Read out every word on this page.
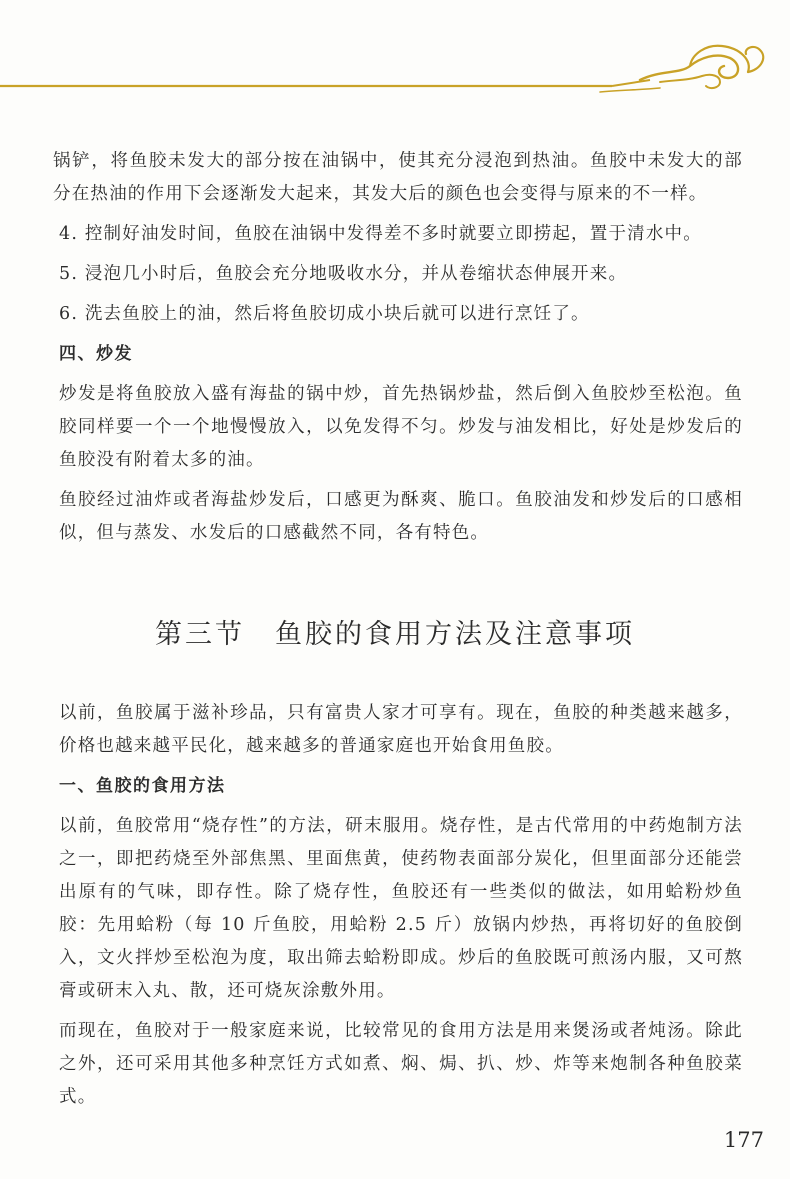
锅铲，将鱼胶未发大的部分按在油锅中，使其充分浸泡到热油。鱼胶中未发大的部分在热油的作用下会逐渐发大起来，其发大后的颜色也会变得与原来的不一样。

4. 控制好油发时间，鱼胶在油锅中发得差不多时就要立即捞起，置于清水中。

5. 浸泡几小时后，鱼胶会充分地吸收水分，并从卷缩状态伸展开来。

6. 洗去鱼胶上的油，然后将鱼胶切成小块后就可以进行烹饪了。

四、炒发

炒发是将鱼胶放入盛有海盐的锅中炒，首先热锅炒盐，然后倒入鱼胶炒至松泡。鱼胶同样要一个一个地慢慢放入，以免发得不匀。炒发与油发相比，好处是炒发后的鱼胶没有附着太多的油。

鱼胶经过油炸或者海盐炒发后，口感更为酥爽、脆口。鱼胶油发和炒发后的口感相似，但与蒸发、水发后的口感截然不同，各有特色。

第三节　鱼胶的食用方法及注意事项

以前，鱼胶属于滋补珍品，只有富贵人家才可享有。现在，鱼胶的种类越来越多，价格也越来越平民化，越来越多的普通家庭也开始食用鱼胶。

一、鱼胶的食用方法

以前，鱼胶常用“烧存性”的方法，研末服用。烧存性，是古代常用的中药炮制方法之一，即把药烧至外部焦黑、里面焦黄，使药物表面部分炭化，但里面部分还能尝出原有的气味，即存性。除了烧存性，鱼胶还有一些类似的做法，如用蛤粉炒鱼胶：先用蛤粉（每 10 斤鱼胶，用蛤粉 2.5 斤）放锅内炒热，再将切好的鱼胶倒入，文火拌炒至松泡为度，取出筛去蛤粉即成。炒后的鱼胶既可煎汤内服，又可熬膏或研末入丸、散，还可烧灰涂敷外用。

而现在，鱼胶对于一般家庭来说，比较常见的食用方法是用来煲汤或者炖汤。除此之外，还可采用其他多种烹饪方式如煮、焖、焗、扒、炒、炸等来炮制各种鱼胶菜式。

177
